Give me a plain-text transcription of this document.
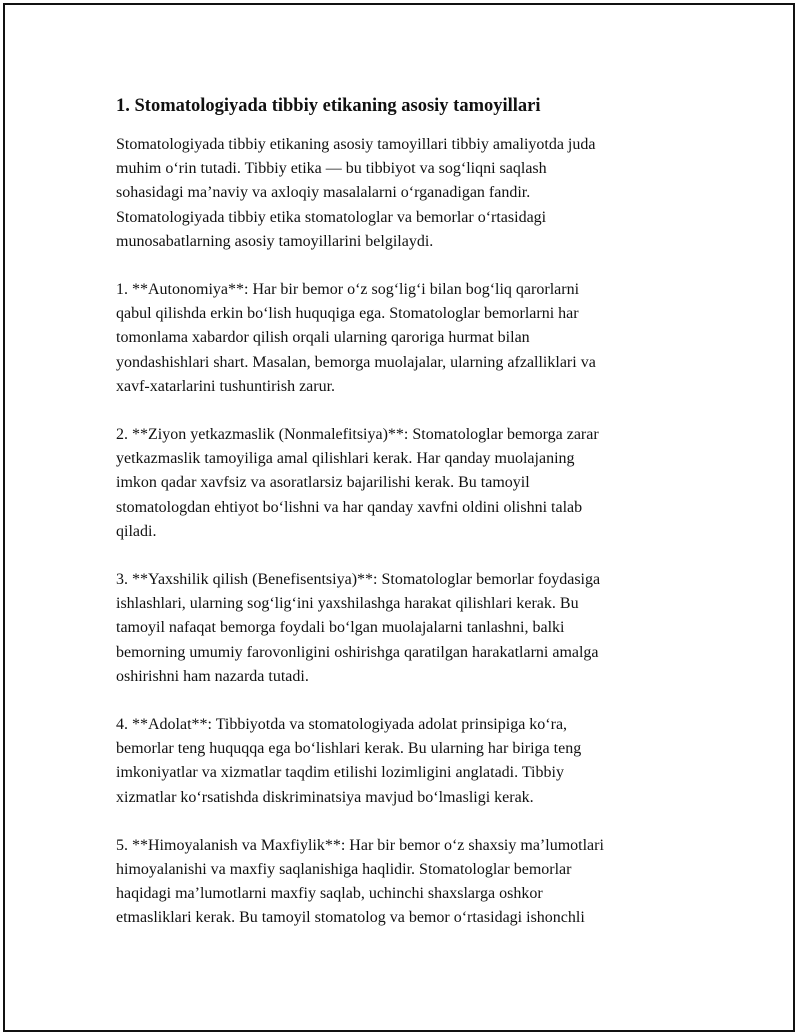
1. Stomatologiyada tibbiy etikaning asosiy tamoyillari

Stomatologiyada tibbiy etikaning asosiy tamoyillari tibbiy amaliyotda juda
muhim o‘rin tutadi. Tibbiy etika — bu tibbiyot va sog‘liqni saqlash
sohasidagi ma’naviy va axloqiy masalalarni o‘rganadigan fandir.
Stomatologiyada tibbiy etika stomatologlar va bemorlar o‘rtasidagi
munosabatlarning asosiy tamoyillarini belgilaydi.

1. **Autonomiya**: Har bir bemor o‘z sog‘lig‘i bilan bog‘liq qarorlarni
qabul qilishda erkin bo‘lish huquqiga ega. Stomatologlar bemorlarni har
tomonlama xabardor qilish orqali ularning qaroriga hurmat bilan
yondashishlari shart. Masalan, bemorga muolajalar, ularning afzalliklari va
xavf-xatarlarini tushuntirish zarur.

2. **Ziyon yetkazmaslik (Nonmalefitsiya)**: Stomatologlar bemorga zarar
yetkazmaslik tamoyiliga amal qilishlari kerak. Har qanday muolajaning
imkon qadar xavfsiz va asoratlarsiz bajarilishi kerak. Bu tamoyil
stomatologdan ehtiyot bo‘lishni va har qanday xavfni oldini olishni talab
qiladi.

3. **Yaxshilik qilish (Benefisentsiya)**: Stomatologlar bemorlar foydasiga
ishlashlari, ularning sog‘lig‘ini yaxshilashga harakat qilishlari kerak. Bu
tamoyil nafaqat bemorga foydali bo‘lgan muolajalarni tanlashni, balki
bemorning umumiy farovonligini oshirishga qaratilgan harakatlarni amalga
oshirishni ham nazarda tutadi.

4. **Adolat**: Tibbiyotda va stomatologiyada adolat prinsipiga ko‘ra,
bemorlar teng huquqqa ega bo‘lishlari kerak. Bu ularning har biriga teng
imkoniyatlar va xizmatlar taqdim etilishi lozimligini anglatadi. Tibbiy
xizmatlar ko‘rsatishda diskriminatsiya mavjud bo‘lmasligi kerak.

5. **Himoyalanish va Maxfiylik**: Har bir bemor o‘z shaxsiy ma’lumotlari
himoyalanishi va maxfiy saqlanishiga haqlidir. Stomatologlar bemorlar
haqidagi ma’lumotlarni maxfiy saqlab, uchinchi shaxslarga oshkor
etmasliklari kerak. Bu tamoyil stomatolog va bemor o‘rtasidagi ishonchli
